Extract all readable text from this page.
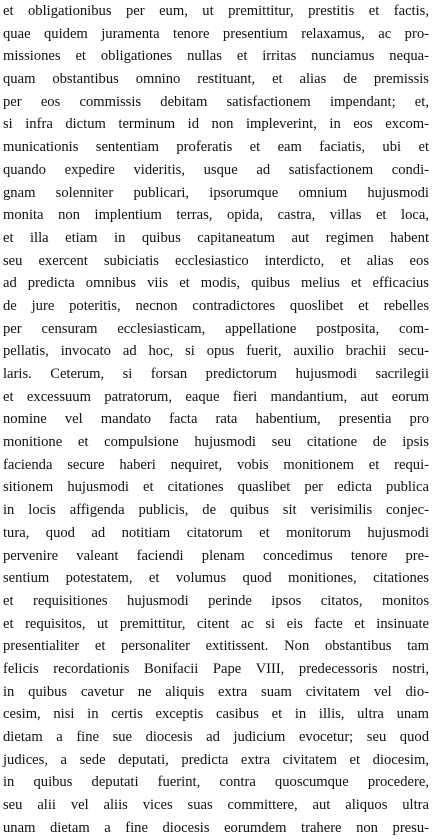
et obligationibus per eum, ut premittitur, prestitis et factis,
quae quidem juramenta tenore presentium relaxamus, ac pro-
missiones et obligationes nullas et irritas nunciamus nequa-
quam obstantibus omnino restituant, et alias de premissis
per eos commissis debitam satisfactionem impendant; et,
si infra dictum terminum id non impleverint, in eos excom-
municationis sententiam proferatis et eam faciatis, ubi et
quando expedire videritis, usque ad satisfactionem condi-
gnam solenniter publicari, ipsorumque omnium hujusmodi
monita non implentium terras, opida, castra, villas et loca,
et illa etiam in quibus capitaneatum aut regimen habent
seu exercent subiciatis ecclesiastico interdicto, et alias eos
ad predicta omnibus viis et modis, quibus melius et efficacius
de jure poteritis, necnon contradictores quoslibet et rebelles
per censuram ecclesiasticam, appellatione postposita, com-
pellatis, invocato ad hoc, si opus fuerit, auxilio brachii secu-
laris. Ceterum, si forsan predictorum hujusmodi sacrilegii
et excessuum patratorum, eaque fieri mandantium, aut eorum
nomine vel mandato facta rata habentium, presentia pro
monitione et compulsione hujusmodi seu citatione de ipsis
facienda secure haberi nequiret, vobis monitionem et requi-
sitionem hujusmodi et citationes quaslibet per edicta publica
in locis affigenda publicis, de quibus sit verisimilis conjec-
tura, quod ad notitiam citatorum et monitorum hujusmodi
pervenire valeant faciendi plenam concedimus tenore pre-
sentium potestatem, et volumus quod monitiones, citationes
et requisitiones hujusmodi perinde ipsos citatos, monitos
et requisitos, ut premittitur, citent ac si eis facte et insinuate
presentialiter et personaliter extitissent. Non obstantibus tam
felicis recordationis Bonifacii Pape VIII, predecessoris nostri,
in quibus cavetur ne aliquis extra suam civitatem vel dio-
cesim, nisi in certis exceptis casibus et in illis, ultra unam
dietam a fine sue diocesis ad judicium evocetur; seu quod
judices, a sede deputati, predicta extra civitatem et diocesim,
in quibus deputati fuerint, contra quoscumque procedere,
seu alii vel aliis vices suas committere, aut aliquos ultra
unam dietam a fine diocesis eorumdem trahere non presu-
